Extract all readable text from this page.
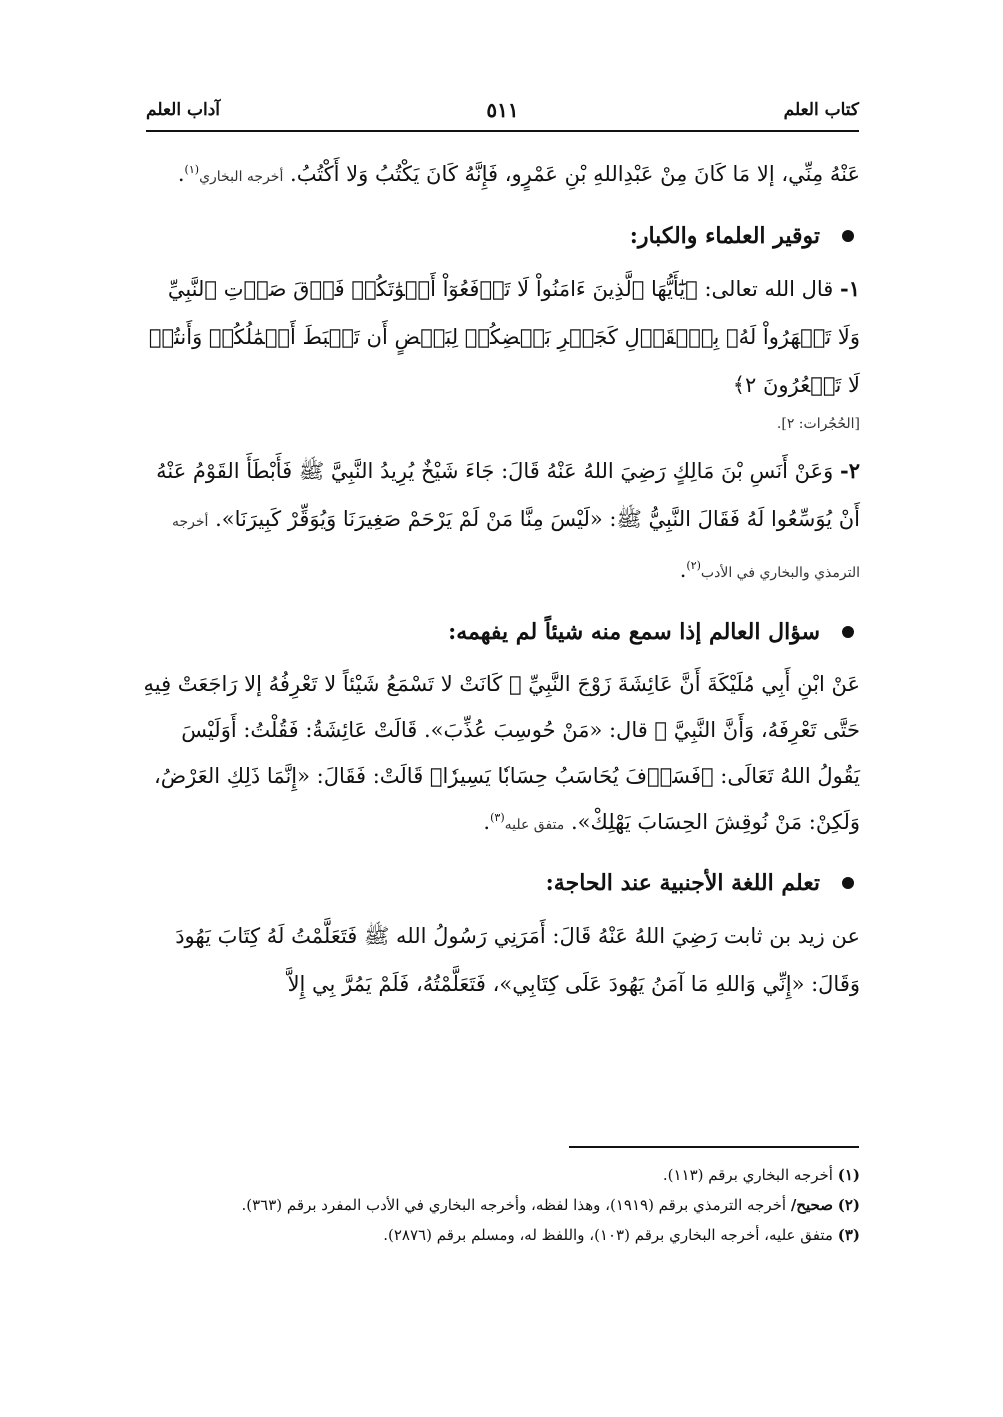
كتاب العلم
٥١١
آداب العلم

عَنْهُ مِنِّي، إلا مَا كَانَ مِنْ عَبْدِاللهِ بْنِ عَمْرٍو، فَإِنَّهُ كَانَ يَكْتُبُ وَلا أَكْتُبُ. أخرجه البخاري$^{(١)}$.

توقير العلماء والكبار:

١- قال الله تعالى: ﴿يَٰٓأَيُّهَا ٱلَّذِينَ ءَامَنُواْ لَا تَرۡفَعُوٓاْ أَصۡوَٰتَكُمۡ فَوۡقَ صَوۡتِ ٱلنَّبِيِّ وَلَا تَجۡهَرُواْ لَهُۥ بِٱلۡقَوۡلِ كَجَهۡرِ بَعۡضِكُمۡ لِبَعۡضٍ أَن تَحۡبَطَ أَعۡمَٰلُكُمۡ وَأَنتُمۡ لَا تَشۡعُرُونَ ٢﴾

[الحُجُرات: ٢].

٢- وَعَنْ أَنَسِ بْنَ مَالِكٍ رَضِيَ اللهُ عَنْهُ قَالَ: جَاءَ شَيْخٌ يُرِيدُ النَّبِيَّ ﷺ فَأَبْطَأَ القَوْمُ عَنْهُ أَنْ يُوَسِّعُوا لَهُ فَقَالَ النَّبِيُّ ﷺ: «لَيْسَ مِنَّا مَنْ لَمْ يَرْحَمْ صَغِيرَنَا وَيُوَقِّرْ كَبِيرَنَا». أخرجه الترمذي والبخاري في الأدب$^{(٢)}$.

سؤال العالم إذا سمع منه شيئاً لم يفهمه:

عَنْ ابْنِ أَبِي مُلَيْكَةَ أَنَّ عَائِشَةَ زَوْجَ النَّبِيِّ ﷺ كَانَتْ لا تَسْمَعُ شَيْئاً لا تَعْرِفُهُ إلا رَاجَعَتْ فِيهِ حَتَّى تَعْرِفَهُ، وَأَنَّ النَّبِيَّ ﷺ قال: «مَنْ حُوسِبَ عُذِّبَ». قَالَتْ عَائِشَةُ: فَقُلْتُ: أَوَلَيْسَ يَقُولُ اللهُ تَعَالَى: ﴿فَسَوۡفَ يُحَاسَبُ حِسَابٗا يَسِيرٗا﴾ قَالَتْ: فَقَالَ: «إِنَّمَا ذَلِكِ العَرْضُ، وَلَكِنْ: مَنْ نُوقِشَ الحِسَابَ يَهْلِكْ». متفق عليه$^{(٣)}$.

تعلم اللغة الأجنبية عند الحاجة:

عن زيد بن ثابت رَضِيَ اللهُ عَنْهُ قَالَ: أَمَرَنِي رَسُولُ الله ﷺ فَتَعَلَّمْتُ لَهُ كِتَابَ يَهُودَ وَقَالَ: «إِنِّي وَاللهِ مَا آمَنُ يَهُودَ عَلَى كِتَابِي»، فَتَعَلَّمْتُهُ، فَلَمْ يَمُرَّ بِي إِلاَّ

(١) أخرجه البخاري برقم (١١٣).

(٢) صحيح/ أخرجه الترمذي برقم (١٩١٩)، وهذا لفظه، وأخرجه البخاري في الأدب المفرد برقم (٣٦٣).

(٣) متفق عليه، أخرجه البخاري برقم (١٠٣)، واللفظ له، ومسلم برقم (٢٨٧٦).
